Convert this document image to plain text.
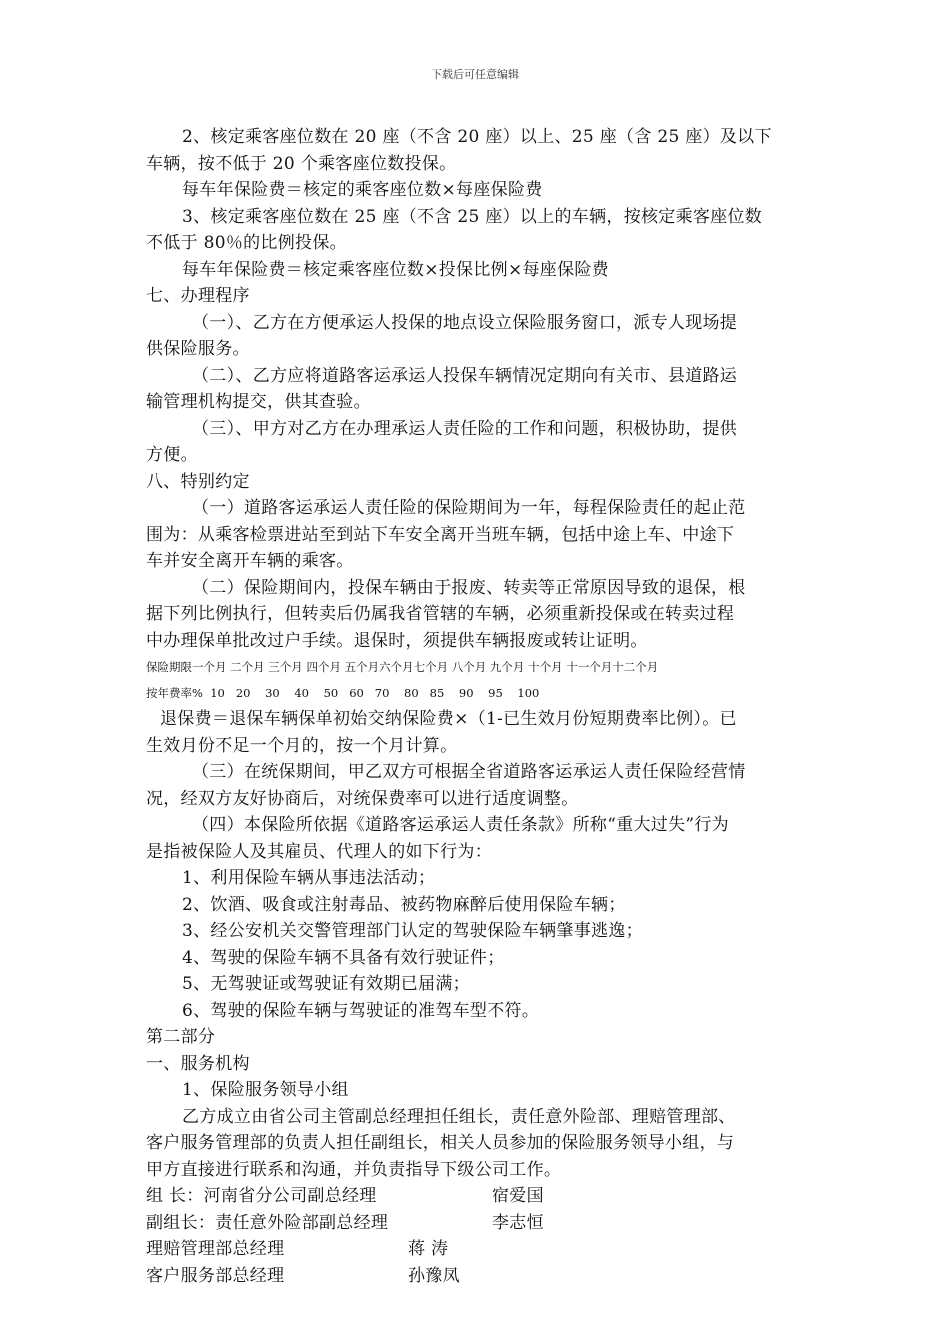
下载后可任意编辑
2、核定乘客座位数在 20 座（不含 20 座）以上、25 座（含 25 座）及以下
车辆，按不低于 20 个乘客座位数投保。
每车年保险费＝核定的乘客座位数×每座保险费
3、核定乘客座位数在 25 座（不含 25 座）以上的车辆，按核定乘客座位数
不低于 80％的比例投保。
每车年保险费＝核定乘客座位数×投保比例×每座保险费
七、办理程序
（一）、乙方在方便承运人投保的地点设立保险服务窗口，派专人现场提
供保险服务。
（二）、乙方应将道路客运承运人投保车辆情况定期向有关市、县道路运
输管理机构提交，供其查验。
（三）、甲方对乙方在办理承运人责任险的工作和问题，积极协助，提供
方便。
八、特别约定
（一）道路客运承运人责任险的保险期间为一年，每程保险责任的起止范
围为：从乘客检票进站至到站下车安全离开当班车辆，包括中途上车、中途下
车并安全离开车辆的乘客。
（二）保险期间内，投保车辆由于报废、转卖等正常原因导致的退保，根
据下列比例执行，但转卖后仍属我省管辖的车辆，必须重新投保或在转卖过程
中办理保单批改过户手续。退保时，须提供车辆报废或转让证明。
保险期限一个月 二个月 三个月 四个月 五个月六个月七个月 八个月 九个月 十个月 十一个月十二个月
按年费率%  10   20    30    40    50   60   70    80   85    90    95    100
退保费＝退保车辆保单初始交纳保险费×（1-已生效月份短期费率比例）。已
生效月份不足一个月的，按一个月计算。
（三）在统保期间，甲乙双方可根据全省道路客运承运人责任保险经营情
况，经双方友好协商后，对统保费率可以进行适度调整。
（四）本保险所依据《道路客运承运人责任条款》所称“重大过失”行为
是指被保险人及其雇员、代理人的如下行为：
1、利用保险车辆从事违法活动；
2、饮酒、吸食或注射毒品、被药物麻醉后使用保险车辆；
3、经公安机关交警管理部门认定的驾驶保险车辆肇事逃逸；
4、驾驶的保险车辆不具备有效行驶证件；
5、无驾驶证或驾驶证有效期已届满；
6、驾驶的保险车辆与驾驶证的准驾车型不符。
第二部分
一、服务机构
1、保险服务领导小组
乙方成立由省公司主管副总经理担任组长，责任意外险部、理赔管理部、
客户服务管理部的负责人担任副组长，相关人员参加的保险服务领导小组，与
甲方直接进行联系和沟通，并负责指导下级公司工作。
组 长：河南省分公司副总经理	宿爱国
副组长：责任意外险部副总经理	李志恒
理赔管理部总经理	蒋 涛
客户服务部总经理	孙豫凤
